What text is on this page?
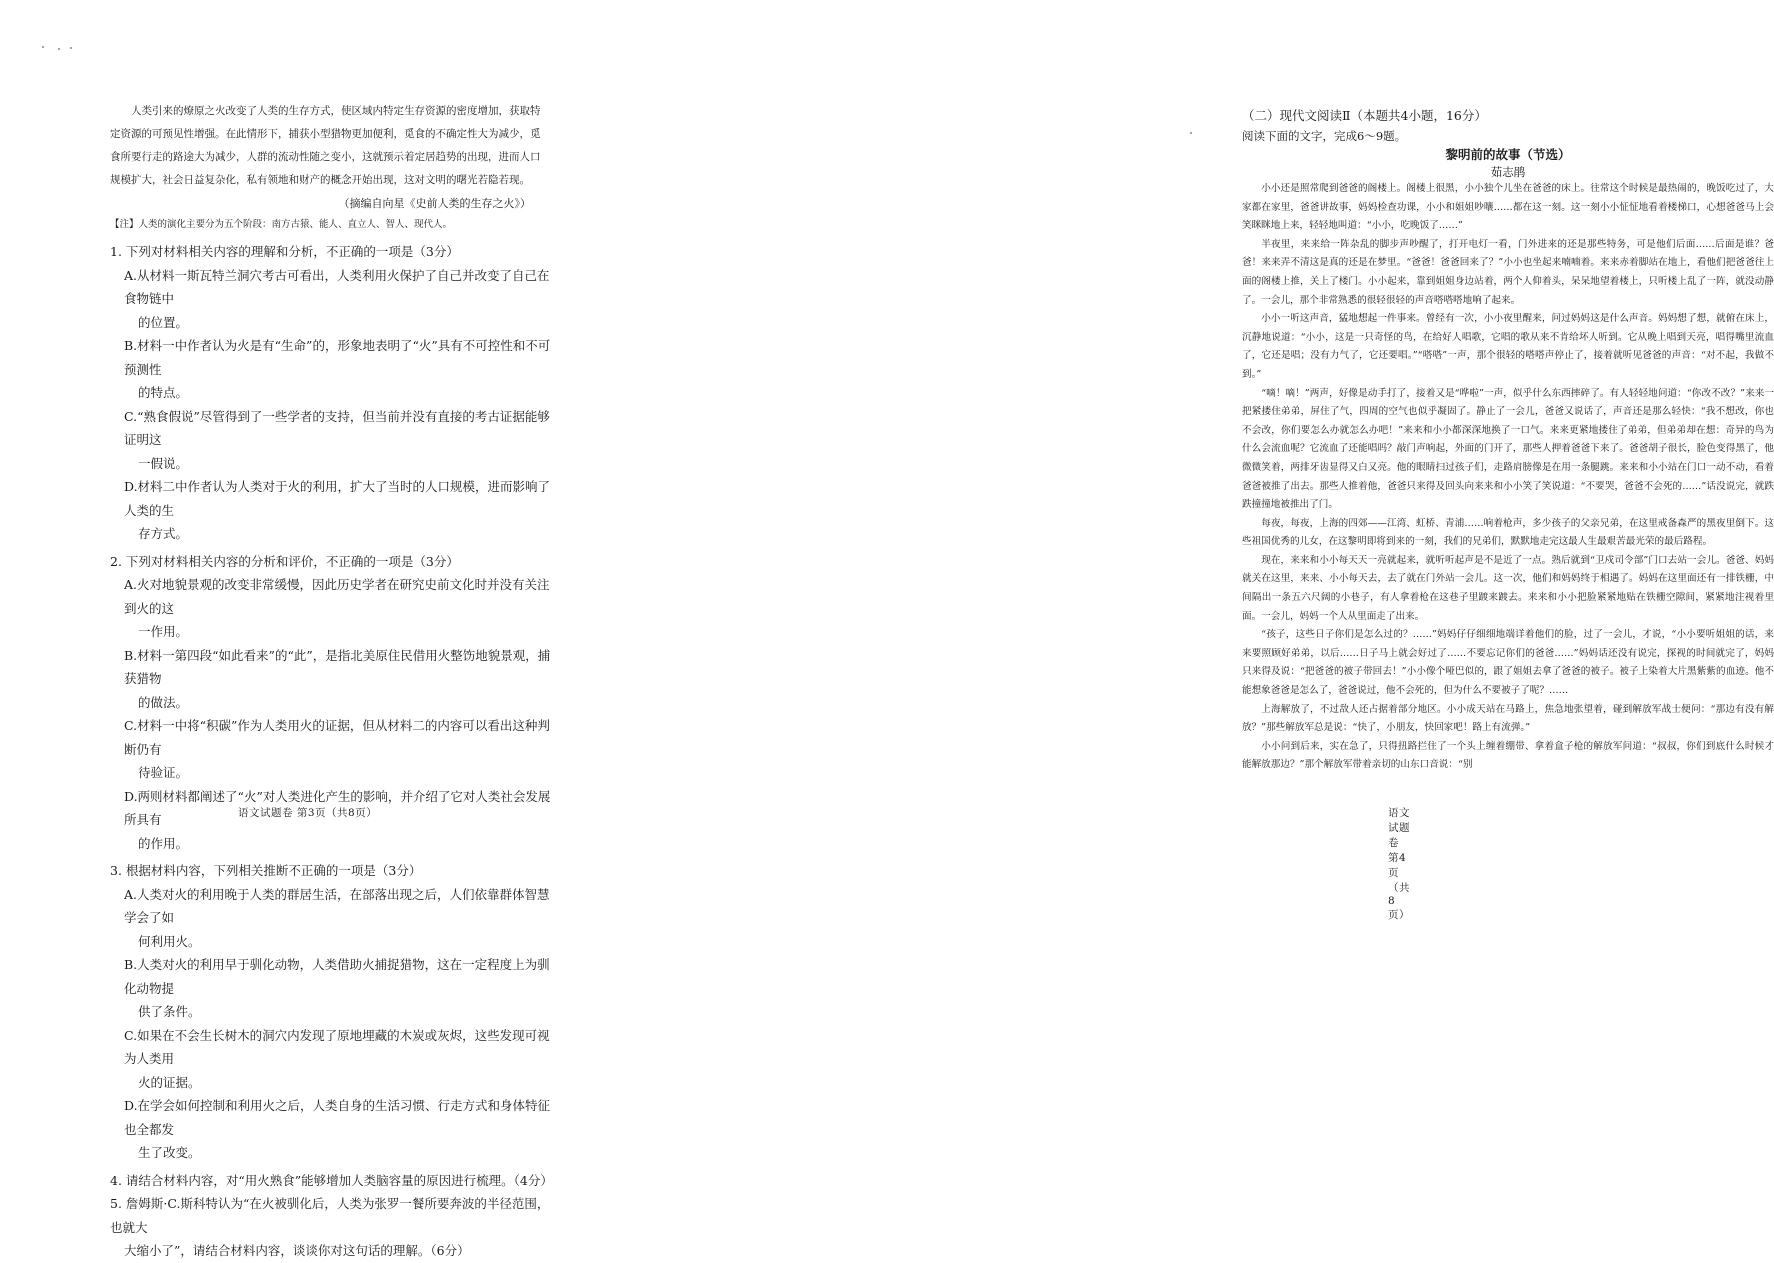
人类引来的燎原之火改变了人类的生存方式，使区域内特定生存资源的密度增加，获取特

定资源的可预见性增强。在此情形下，捕获小型猎物更加便利，觅食的不确定性大为减少，觅

食所要行走的路途大为减少，人群的流动性随之变小，这就预示着定居趋势的出现，进而人口

规模扩大，社会日益复杂化，私有领地和财产的概念开始出现，这对文明的曙光若隐若现。

（摘编自向星《史前人类的生存之火》）

【注】人类的演化主要分为五个阶段：南方古猿、能人、直立人、智人、现代人。

1. 下列对材料相关内容的理解和分析，不正确的一项是（3分）

A.从材料一斯瓦特兰洞穴考古可看出，人类利用火保护了自己并改变了自己在食物链中

的位置。

B.材料一中作者认为火是有“生命”的，形象地表明了“火”具有不可控性和不可预测性

的特点。

C.“熟食假说”尽管得到了一些学者的支持，但当前并没有直接的考古证据能够证明这

一假说。

D.材料二中作者认为人类对于火的利用，扩大了当时的人口规模，进而影响了人类的生

存方式。

2. 下列对材料相关内容的分析和评价，不正确的一项是（3分）

A.火对地貌景观的改变非常缓慢，因此历史学者在研究史前文化时并没有关注到火的这

一作用。

B.材料一第四段“如此看来”的“此”，是指北美原住民借用火整饬地貌景观，捕获猎物

的做法。

C.材料一中将“积碳”作为人类用火的证据，但从材料二的内容可以看出这种判断仍有

待验证。

D.两则材料都阐述了“火”对人类进化产生的影响，并介绍了它对人类社会发展所具有

的作用。

3. 根据材料内容，下列相关推断不正确的一项是（3分）

A.人类对火的利用晚于人类的群居生活，在部落出现之后，人们依靠群体智慧学会了如

何利用火。

B.人类对火的利用早于驯化动物，人类借助火捕捉猎物，这在一定程度上为驯化动物提

供了条件。

C.如果在不会生长树木的洞穴内发现了原地埋藏的木炭或灰烬，这些发现可视为人类用

火的证据。

D.在学会如何控制和利用火之后，人类自身的生活习惯、行走方式和身体特征也全都发

生了改变。

4. 请结合材料内容，对“用火熟食”能够增加人类脑容量的原因进行梳理。（4分）

5. 詹姆斯·C.斯科特认为“在火被驯化后，人类为张罗一餐所要奔波的半径范围，也就大

大缩小了”，请结合材料内容，谈谈你对这句话的理解。（6分）

语文试题卷 第3页（共8页）

（二）现代文阅读Ⅱ（本题共4小题，16分）

阅读下面的文字，完成6～9题。

黎明前的故事（节选）

茹志鹃

小小还是照常爬到爸爸的阁楼上。阁楼上很黑，小小独个儿坐在爸爸的床上。往常这个时候是最热闹的，晚饭吃过了，大家都在家里，爸爸讲故事，妈妈检查功课，小小和姐姐吵嚷……都在这一刻。这一刻小小怔怔地看着楼梯口，心想爸爸马上会笑眯眯地上来，轻轻地叫道：“小小，吃晚饭了……”

半夜里，来来给一阵杂乱的脚步声吵醒了，打开电灯一看，门外进来的还是那些特务，可是他们后面……后面是谁？爸爸！来来弄不清这是真的还是在梦里。“爸爸！爸爸回来了？”小小也坐起来喃喃着。来来赤着脚站在地上，看他们把爸爸往上面的阁楼上推，关上了楼门。小小起来，靠到姐姐身边站着，两个人仰着头，呆呆地望着楼上，只听楼上乱了一阵，就没动静了。一会儿，那个非常熟悉的很轻很轻的声音嗒嗒嗒地响了起来。

小小一听这声音，猛地想起一件事来。曾经有一次，小小夜里醒来，问过妈妈这是什么声音。妈妈想了想，就俯在床上，沉静地说道：“小小，这是一只奇怪的鸟，在给好人唱歌，它唱的歌从来不肯给坏人听到。它从晚上唱到天亮，唱得嘴里流血了，它还是唱；没有力气了，它还要唱。”“嗒嗒”一声，那个很轻的嗒嗒声停止了，接着就听见爸爸的声音：“对不起，我做不到。”

“嘀！嘀！”两声，好像是动手打了，接着又是“哗啦”一声，似乎什么东西摔碎了。有人轻轻地问道：“你改不改？”来来一把紧搂住弟弟，屏住了气，四周的空气也似乎凝固了。静止了一会儿，爸爸又说话了，声音还是那么轻快：“我不想改，你也不会改，你们要怎么办就怎么办吧！”来来和小小都深深地换了一口气。来来更紧地搂住了弟弟，但弟弟却在想：奇异的鸟为什么会流血呢？它流血了还能唱吗？敲门声响起，外面的门开了，那些人押着爸爸下来了。爸爸胡子很长，脸色变得黑了，他微微笑着，两排牙齿显得又白又亮。他的眼睛扫过孩子们，走路肩膀像是在用一条腿跳。来来和小小站在门口一动不动，看着爸爸被推了出去。那些人推着他，爸爸只来得及回头向来来和小小笑了笑说道：“不要哭，爸爸不会死的……”话没说完，就跌跌撞撞地被推出了门。

每夜，每夜，上海的四郊——江湾、虹桥、青浦……响着枪声，多少孩子的父亲兄弟，在这里戒备森严的黑夜里倒下。这些祖国优秀的儿女，在这黎明即将到来的一刻，我们的兄弟们，默默地走完这最人生最艰苦最光荣的最后路程。

现在，来来和小小每天天一亮就起来，就听听起声是不是近了一点。熟后就到“卫戍司令部”门口去站一会儿。爸爸、妈妈就关在这里，来来、小小每天去，去了就在门外站一会儿。这一次，他们和妈妈终于相遇了。妈妈在这里面还有一排铁栅，中间隔出一条五六尺阔的小巷子，有人拿着枪在这巷子里踱来踱去。来来和小小把脸紧紧地贴在铁栅空隙间，紧紧地注视着里面。一会儿，妈妈一个人从里面走了出来。

“孩子，这些日子你们是怎么过的？……”妈妈仔仔细细地端详着他们的脸，过了一会儿，才说，“小小要听姐姐的话，来来要照顾好弟弟，以后……日子马上就会好过了……不要忘记你们的爸爸……”妈妈话还没有说完，探视的时间就完了，妈妈只来得及说：“把爸爸的被子带回去！”小小像个哑巴似的，跟了姐姐去拿了爸爸的被子。被子上染着大片黑紫紫的血迹。他不能想象爸爸是怎么了，爸爸说过，他不会死的，但为什么不要被子了呢？……

上海解放了，不过敌人还占据着部分地区。小小成天站在马路上，焦急地张望着，碰到解放军战士便问：“那边有没有解放？”那些解放军总是说：“快了，小朋友，快回家吧！路上有流弹。”

小小问到后来，实在急了，只得扭路拦住了一个头上缠着绷带、拿着盒子枪的解放军问道：“叔叔，你们到底什么时候才能解放那边？”那个解放军带着亲切的山东口音说：“别

语文试题卷 第4页（共8页）
